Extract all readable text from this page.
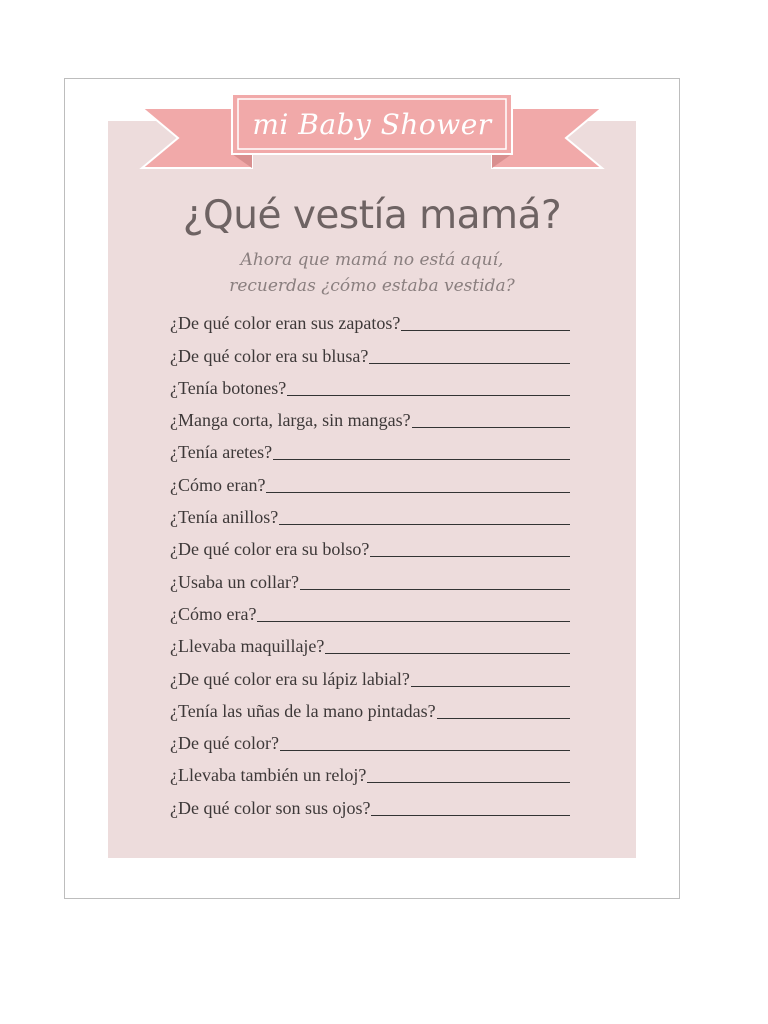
mi Baby Shower
¿Qué vestía mamá?
Ahora que mamá no está aquí,
recuerdas ¿cómo estaba vestida?
¿De qué color eran sus zapatos?
¿De qué color era su blusa?
¿Tenía botones?
¿Manga corta, larga, sin mangas?
¿Tenía aretes?
¿Cómo eran?
¿Tenía anillos?
¿De qué color era su bolso?
¿Usaba un collar?
¿Cómo era?
¿Llevaba maquillaje?
¿De qué color era su lápiz labial?
¿Tenía las uñas de la mano pintadas?
¿De qué color?
¿Llevaba también un reloj?
¿De qué color son sus ojos?
